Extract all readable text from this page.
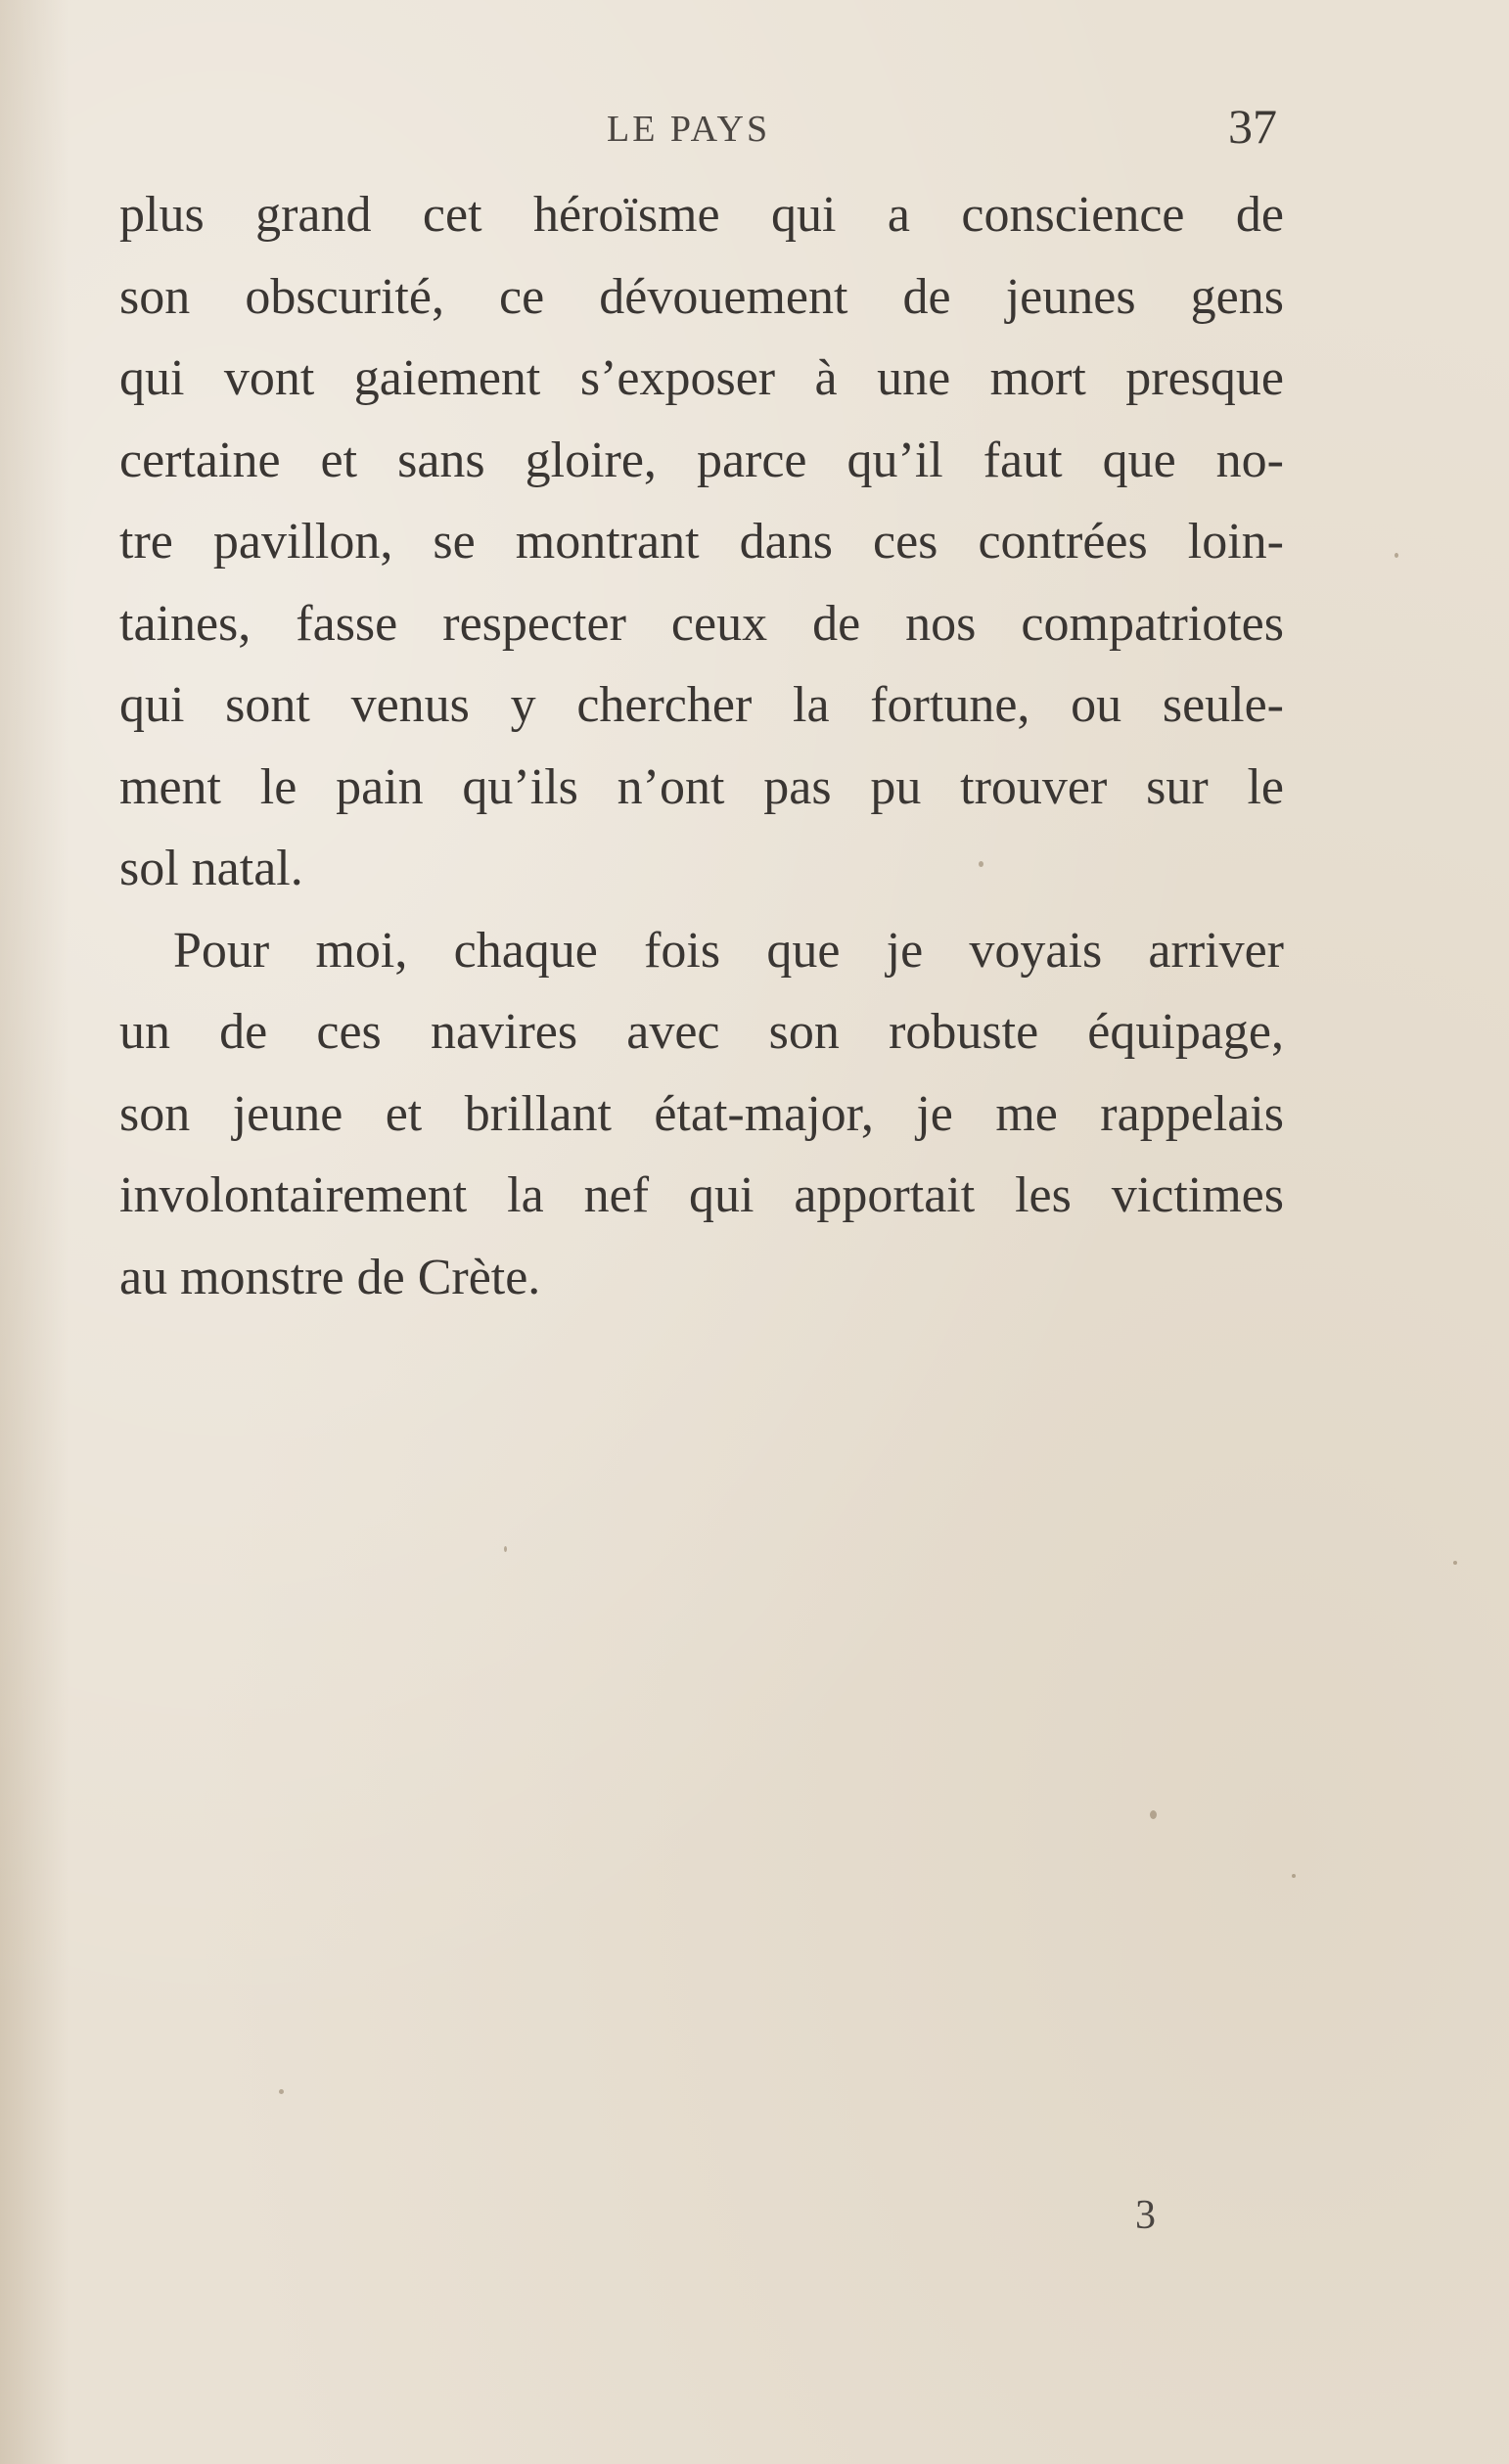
LE PAYS	37
plus grand cet héroïsme qui a conscience de
son obscurité, ce dévouement de jeunes gens
qui vont gaiement s’exposer à une mort presque
certaine et sans gloire, parce qu’il faut que no-
tre pavillon, se montrant dans ces contrées loin-
taines, fasse respecter ceux de nos compatriotes
qui sont venus y chercher la fortune, ou seule-
ment le pain qu’ils n’ont pas pu trouver sur le
sol natal.
Pour moi, chaque fois que je voyais arriver
un de ces navires avec son robuste équipage,
son jeune et brillant état-major, je me rappelais
involontairement la nef qui apportait les victimes
au monstre de Crète.
3
